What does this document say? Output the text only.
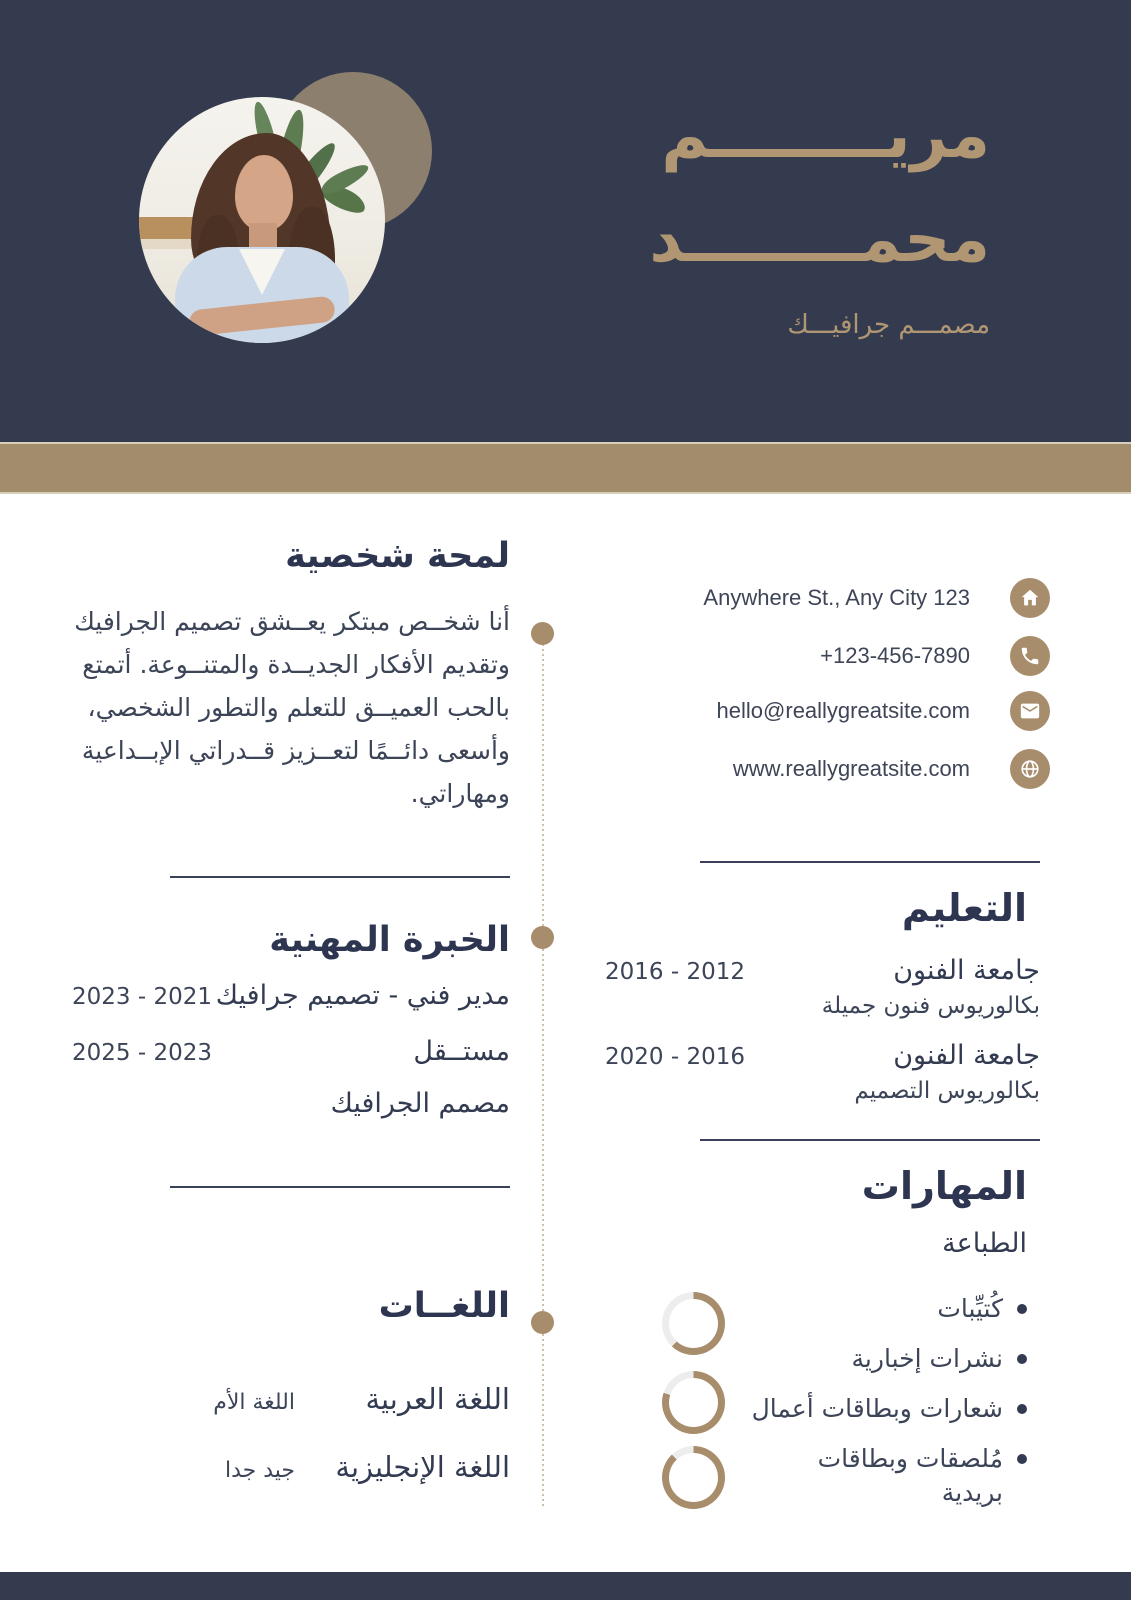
مريــــــــم
محمــــــــد
مصمـــم جرافيـــك
Anywhere St., Any City 123
+123-456-7890
hello@reallygreatsite.com
www.reallygreatsite.com
لمحة شخصية
أنا شخــص مبتكر يعــشق تصميم الجرافيك وتقديم الأفكار الجديــدة والمتنــوعة. أتمتع بالحب العميــق للتعلم والتطور الشخصي، وأسعى دائــمًا لتعــزيز قــدراتي الإبــداعية ومهاراتي.
الخبرة المهنية
مدير فني - تصميم جرافيك
2021 - 2023
مستــقل
2023 - 2025
مصمم الجرافيك
التعليم
جامعة الفنون
2012 - 2016
بكالوريوس فنون جميلة
جامعة الفنون
2016 - 2020
بكالوريوس التصميم
المهارات
الطباعة
كُتيِّبات
نشرات إخبارية
شعارات وبطاقات أعمال
مُلصقات وبطاقات بريدية
اللغــات
اللغة العربية
اللغة الأم
اللغة الإنجليزية
جيد جدا
